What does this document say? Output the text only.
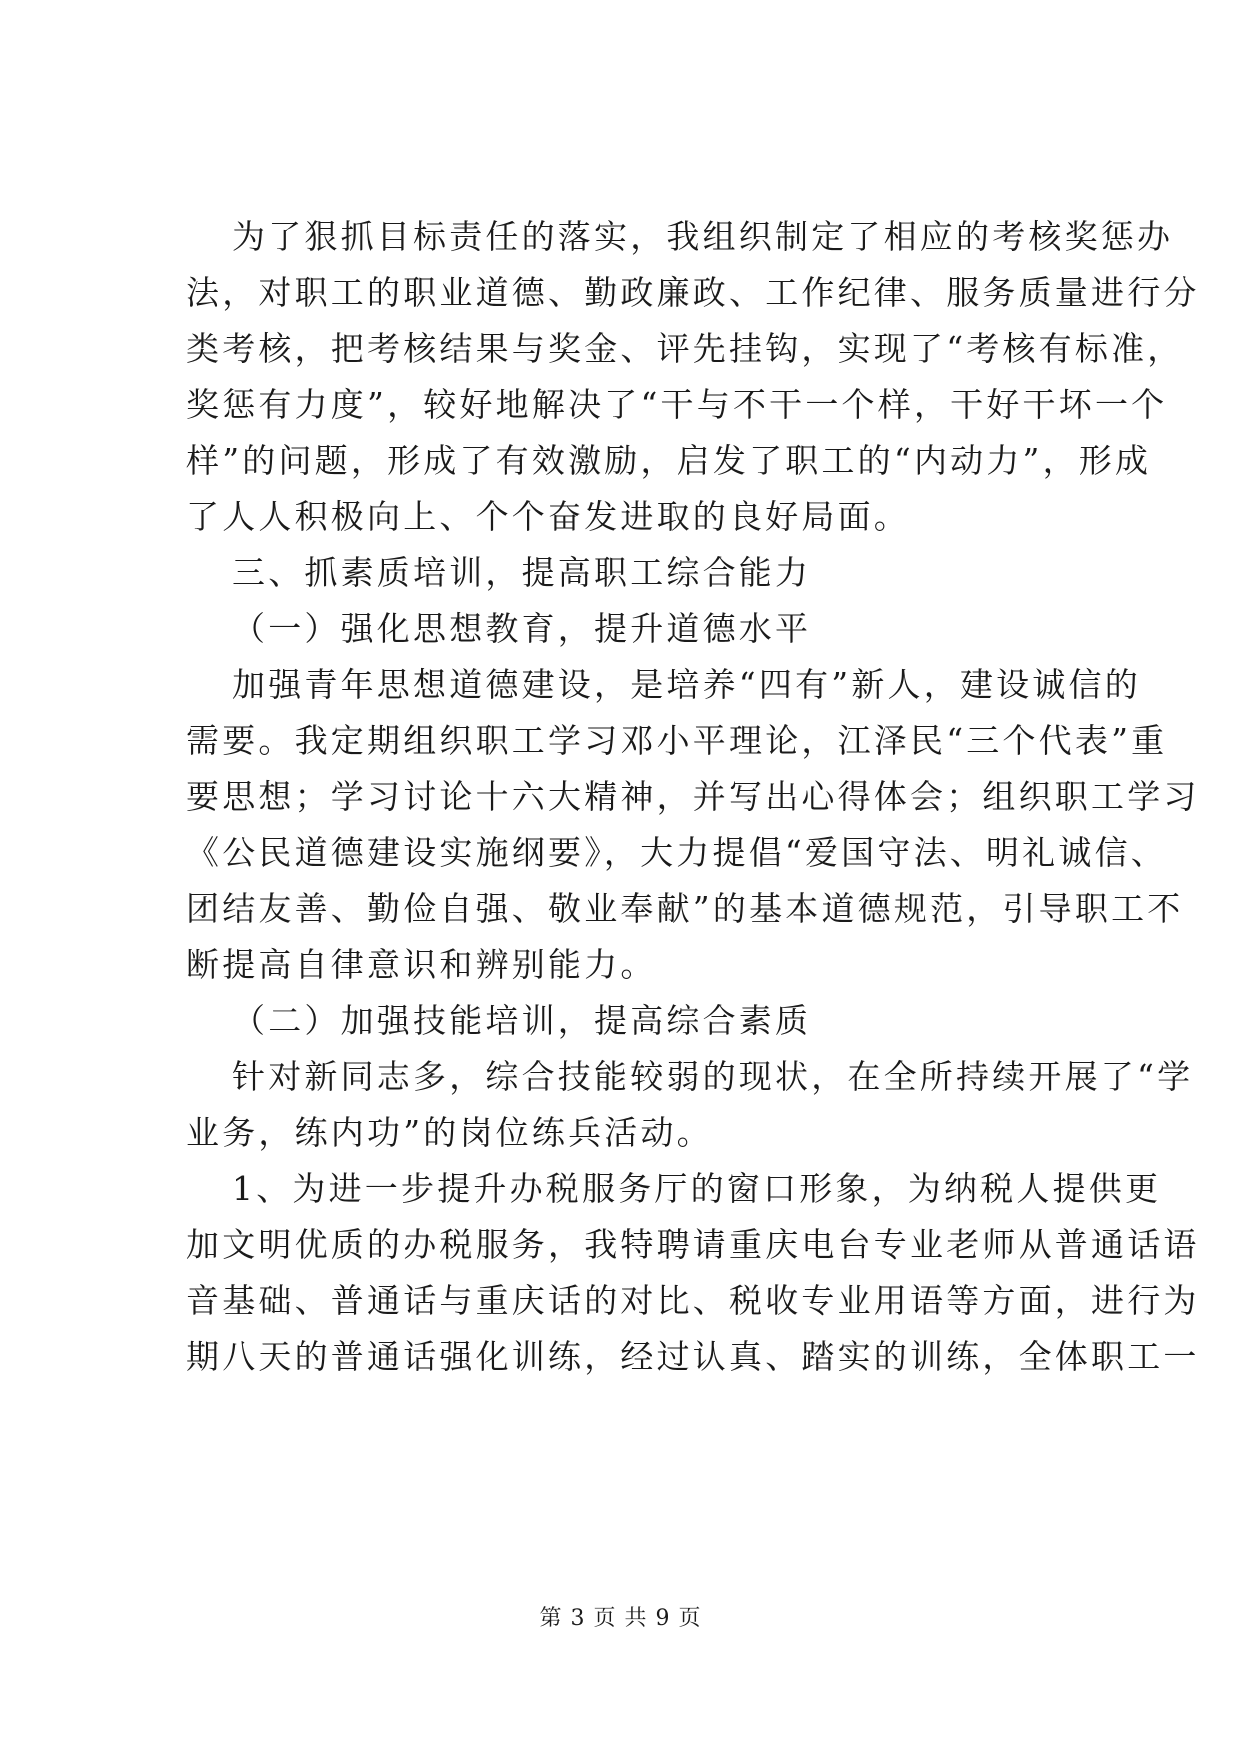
为了狠抓目标责任的落实，我组织制定了相应的考核奖惩办
法，对职工的职业道德、勤政廉政、工作纪律、服务质量进行分
类考核，把考核结果与奖金、评先挂钩，实现了“考核有标准，
奖惩有力度”，较好地解决了“干与不干一个样，干好干坏一个
样”的问题，形成了有效激励，启发了职工的“内动力”，形成
了人人积极向上、个个奋发进取的良好局面。
三、抓素质培训，提高职工综合能力
（一）强化思想教育，提升道德水平
加强青年思想道德建设，是培养“四有”新人，建设诚信的
需要。我定期组织职工学习邓小平理论，江泽民“三个代表”重
要思想；学习讨论十六大精神，并写出心得体会；组织职工学习
《公民道德建设实施纲要》，大力提倡“爱国守法、明礼诚信、
团结友善、勤俭自强、敬业奉献”的基本道德规范，引导职工不
断提高自律意识和辨别能力。
（二）加强技能培训，提高综合素质
针对新同志多，综合技能较弱的现状，在全所持续开展了“学
业务，练内功”的岗位练兵活动。
1、为进一步提升办税服务厅的窗口形象，为纳税人提供更
加文明优质的办税服务，我特聘请重庆电台专业老师从普通话语
音基础、普通话与重庆话的对比、税收专业用语等方面，进行为
期八天的普通话强化训练，经过认真、踏实的训练，全体职工一
第 3 页 共 9 页
